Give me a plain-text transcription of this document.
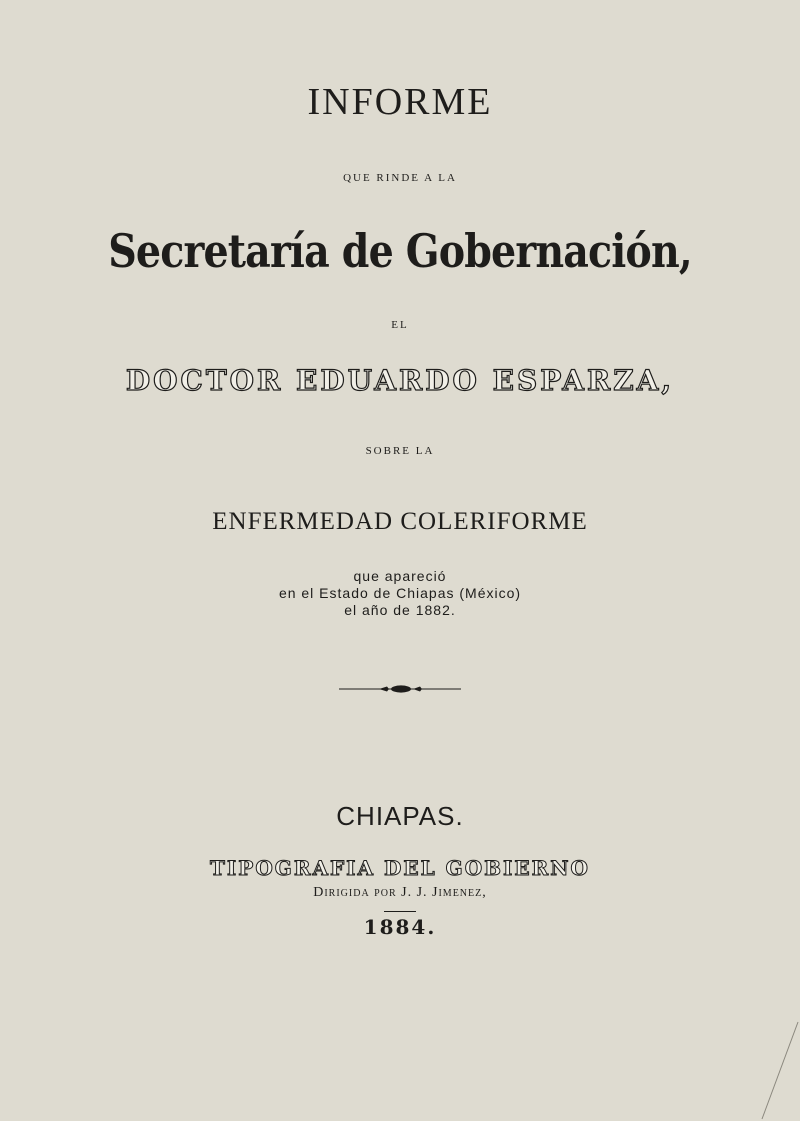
INFORME
QUE RINDE A LA
Secretaría de Gobernación,
EL
DOCTOR EDUARDO ESPARZA,
SOBRE LA
ENFERMEDAD COLERIFORME
que apareció
en el Estado de Chiapas (México)
el año de 1882.
CHIAPAS.
TIPOGRAFIA DEL GOBIERNO
Dirigida por J. J. Jimenez,
1884.
